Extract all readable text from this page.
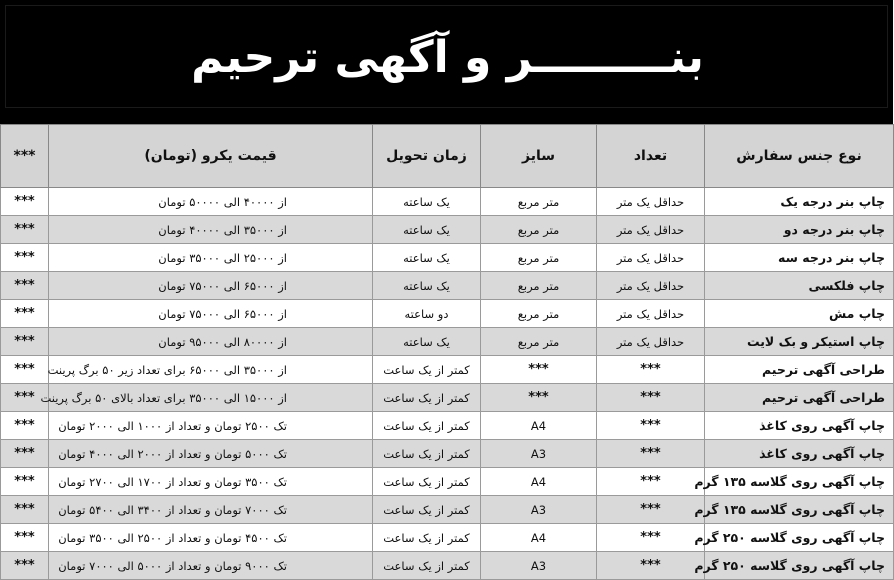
بنـــــــــر و آگهی ترحیم
نوع جنس سفارش	تعداد	سایز	زمان تحویل	قیمت یکرو (تومان)	***
چاپ بنر درجه یک	حداقل یک متر	متر مربع	یک ساعته	از ۴۰۰۰۰ الی ۵۰۰۰۰ تومان	***
چاپ بنر درجه دو	حداقل یک متر	متر مربع	یک ساعته	از ۳۵۰۰۰ الی ۴۰۰۰۰ تومان	***
چاپ بنر درجه سه	حداقل یک متر	متر مربع	یک ساعته	از ۲۵۰۰۰ الی ۳۵۰۰۰ تومان	***
چاپ فلکسی	حداقل یک متر	متر مربع	یک ساعته	از ۶۵۰۰۰ الی ۷۵۰۰۰ تومان	***
چاپ مش	حداقل یک متر	متر مربع	دو ساعته	از ۶۵۰۰۰ الی ۷۵۰۰۰ تومان	***
چاپ استیکر و بک لایت	حداقل یک متر	متر مربع	یک ساعته	از ۸۰۰۰۰ الی ۹۵۰۰۰ تومان	***
طراحی آگهی ترحیم	***	***	کمتر از یک ساعت	از ۳۵۰۰۰ الی ۶۵۰۰۰ برای تعداد زیر ۵۰ برگ پرینت	***
طراحی آگهی ترحیم	***	***	کمتر از یک ساعت	از ۱۵۰۰۰ الی ۳۵۰۰۰ برای تعداد بالای ۵۰ برگ پرینت	***
چاپ آگهی روی کاغذ	***	A4	کمتر از یک ساعت	تک ۲۵۰۰ تومان و تعداد از ۱۰۰۰ الی ۲۰۰۰ تومان	***
چاپ آگهی روی کاغذ	***	A3	کمتر از یک ساعت	تک ۵۰۰۰ تومان و تعداد از ۲۰۰۰ الی ۴۰۰۰ تومان	***
چاپ آگهی روی گلاسه ۱۳۵ گرم	***	A4	کمتر از یک ساعت	تک ۳۵۰۰ تومان و تعداد از ۱۷۰۰ الی ۲۷۰۰ تومان	***
چاپ آگهی روی گلاسه ۱۳۵ گرم	***	A3	کمتر از یک ساعت	تک ۷۰۰۰ تومان و تعداد از ۳۴۰۰ الی ۵۴۰۰ تومان	***
چاپ آگهی روی گلاسه ۲۵۰ گرم	***	A4	کمتر از یک ساعت	تک ۴۵۰۰ تومان و تعداد از ۲۵۰۰ الی ۳۵۰۰ تومان	***
چاپ آگهی روی گلاسه ۲۵۰ گرم	***	A3	کمتر از یک ساعت	تک ۹۰۰۰ تومان و تعداد از ۵۰۰۰ الی ۷۰۰۰ تومان	***
